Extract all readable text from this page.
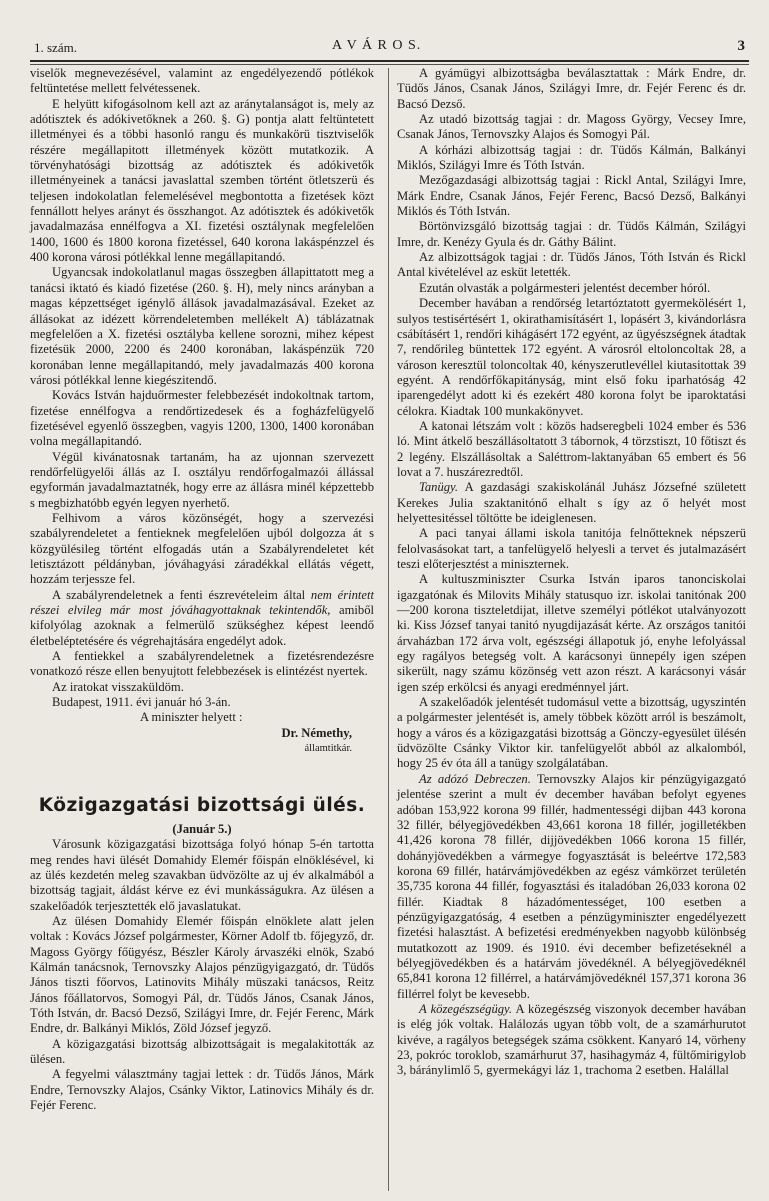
1. szám.	A V Á R O S.	3

viselők megnevezésével, valamint az engedélyezendő pótlékok feltüntetése mellett felvétessenek.

E helyütt kifogásolnom kell azt az aránytalanságot is, mely az adótisztek és adókivetőknek a 260. §. G) pontja alatt feltüntetett illetményei és a többi hasonló rangu és munkakörü tisztviselők részére megállapitott illetmények között mutatkozik. A törvényhatósági bizottság az adótisztek és adókivetők illetményeinek a tanácsi javaslattal szemben történt ötletszerü és teljesen indokolatlan felemelésével megbontotta a fizetések közt fennállott helyes arányt és összhangot. Az adótisztek és adókivetők javadalmazása ennélfogva a XI. fizetési osztálynak megfelelően 1400, 1600 és 1800 korona fizetéssel, 640 korona lakáspénzzel és 400 korona városi pótlékkal lenne megállapitandó.

Ugyancsak indokolatlanul magas összegben állapittatott meg a tanácsi iktató és kiadó fizetése (260. §. H), mely nincs arányban a magas képzettséget igénylő állások javadalmazásával. Ezeket az állásokat az idézett körrendeletemben mellékelt A) táblázatnak megfelelően a X. fizetési osztályba kellene sorozni, mihez képest fizetésük 2000, 2200 és 2400 koronában, lakáspénzük 720 koronában lenne megállapitandó, mely javadalmazás 400 korona városi pótlékkal lenne kiegészitendő.

Kovács István hajduőrmester felebbezését indokoltnak tartom, fizetése ennélfogva a rendőrtizedesek és a fogházfelügyelő fizetésével egyenlő összegben, vagyis 1200, 1300, 1400 koronában volna megállapitandó.

Végül kivánatosnak tartanám, ha az ujonnan szervezett rendőrfelügyelői állás az I. osztályu rendőrfogalmazói állással egyformán javadalmaztatnék, hogy erre az állásra minél képzettebb s megbizhatóbb egyén legyen nyerhető.

Felhivom a város közönségét, hogy a szervezési szabályrendeletet a fentieknek megfelelően ujból dolgozza át s közgyülésileg történt elfogadás után a Szabályrendeletet két letisztázott példányban, jóváhagyási záradékkal ellátás végett, hozzám terjessze fel.

A szabályrendeletnek a fenti észrevételeim által nem érintett részei elvileg már most jóváhagyottaknak tekintendők, amiből kifolyólag azoknak a felmerülő szükséghez képest leendő életbeléptetésére és végrehajtására engedélyt adok.

A fentiekkel a szabályrendeletnek a fizetésrendezésre vonatkozó része ellen benyujtott felebbezések is elintézést nyertek.

Az iratokat visszaküldöm.

Budapest, 1911. évi január hó 3-án.

A miniszter helyett :

Dr. Némethy,

államtitkár.

Közigazgatási bizottsági ülés.

(Január 5.)

Városunk közigazgatási bizottsága folyó hónap 5-én tartotta meg rendes havi ülését Domahidy Elemér főispán elnöklésével, ki az ülés kezdetén meleg szavakban üdvözölte az uj év alkalmából a bizottság tagjait, áldást kérve ez évi munkásságukra. Az ülésen a szakelőadók terjesztették elő javaslatukat.

Az ülésen Domahidy Elemér főispán elnöklete alatt jelen voltak : Kovács József polgármester, Körner Adolf tb. főjegyző, dr. Magoss György főügyész, Bészler Károly árvaszéki elnök, Szabó Kálmán tanácsnok, Ternovszky Alajos pénzügyigazgató, dr. Tüdős János tiszti főorvos, Latinovits Mihály müszaki tanácsos, Reitz János főállatorvos, Somogyi Pál, dr. Tüdős János, Csanak János, Tóth István, dr. Bacsó Dezső, Szilágyi Imre, dr. Fejér Ferenc, Márk Endre, dr. Balkányi Miklós, Zöld József jegyző.

A közigazgatási bizottság albizottságait is megalakitották az ülésen.

A fegyelmi választmány tagjai lettek : dr. Tüdős János, Márk Endre, Ternovszky Alajos, Csánky Viktor, Latinovics Mihály és dr. Fejér Ferenc.

A gyámügyi albizottságba beválasztattak : Márk Endre, dr. Tüdős János, Csanak János, Szilágyi Imre, dr. Fejér Ferenc és dr. Bacsó Dezső.

Az utadó bizottság tagjai : dr. Magoss György, Vecsey Imre, Csanak János, Ternovszky Alajos és Somogyi Pál.

A kórházi albizottság tagjai : dr. Tüdős Kálmán, Balkányi Miklós, Szilágyi Imre és Tóth István.

Mezőgazdasági albizottság tagjai : Rickl Antal, Szilágyi Imre, Márk Endre, Csanak János, Fejér Ferenc, Bacsó Dezső, Balkányi Miklós és Tóth István.

Börtönvizsgáló bizottság tagjai : dr. Tüdős Kálmán, Szilágyi Imre, dr. Kenézy Gyula és dr. Gáthy Bálint.

Az albizottságok tagjai : dr. Tüdős János, Tóth István és Rickl Antal kivételével az esküt letették.

Ezután olvasták a polgármesteri jelentést december hóról.

December havában a rendőrség letartóztatott gyermekölésért 1, sulyos testisértésért 1, okirathamisításért 1, lopásért 3, kivándorlásra csábításért 1, rendőri kihágásért 172 egyént, az ügyészségnek átadtak 7, rendőrileg büntettek 172 egyént. A városról eltoloncoltak 28, a városon keresztül toloncoltak 40, kényszerutlevéllel kiutasitottak 39 egyént. A rendőrfőkapitányság, mint első foku iparhatóság 42 iparengedélyt adott ki és ezekért 480 korona folyt be iparoktatási célokra. Kiadtak 100 munkakönyvet.

A katonai létszám volt : közös hadseregbeli 1024 ember és 536 ló. Mint átkelő beszállásoltatott 3 tábornok, 4 törzstiszt, 10 főtiszt és 2 legény. Elszállásoltak a Saléttrom-laktanyában 65 embert és 56 lovat a 7. huszárezredtől.

Tanügy. A gazdasági szakiskolánál Juhász Józsefné született Kerekes Julia szaktanitónő elhalt s így az ő helyét most helyettesitéssel töltötte be ideiglenesen.

A paci tanyai állami iskola tanitója felnőtteknek népszerü felolvasásokat tart, a tanfelügyelő helyesli a tervet és jutalmazásért teszi előterjesztést a miniszternek.

A kultuszminiszter Csurka István iparos tanonciskolai igazgatónak és Milovits Mihály statusquo izr. iskolai tanitónak 200—200 korona tiszteletdijat, illetve személyi pótlékot utalványozott ki. Kiss József tanyai tanitó nyugdijazását kérte. Az országos tanitói árvaházban 172 árva volt, egészségi állapotuk jó, enyhe lefolyással egy ragályos betegség volt. A karácsonyi ünnepély igen szépen sikerült, nagy számu közönség vett azon részt. A karácsonyi vásár igen szép erkölcsi és anyagi eredménnyel járt.

A szakelőadók jelentését tudomásul vette a bizottság, ugyszintén a polgármester jelentését is, amely többek között arról is beszámolt, hogy a város és a közigazgatási bizottság a Gönczy-egyesület ülésén üdvözölte Csánky Viktor kir. tanfelügyelőt abból az alkalomból, hogy 25 év óta áll a tanügy szolgálatában.

Az adózó Debreczen. Ternovszky Alajos kir pénzügyigazgató jelentése szerint a mult év december havában befolyt egyenes adóban 153,922 korona 99 fillér, hadmentességi dijban 443 korona 32 fillér, bélyegjövedékben 43,661 korona 18 fillér, jogilletékben 41,426 korona 78 fillér, dijjövedékben 1066 korona 15 fillér, dohányjövedékben a vármegye fogyasztását is beleértve 172,583 korona 69 fillér, határvámjövedékben az egész vámkörzet területén 35,735 korona 44 fillér, fogyasztási és italadóban 26,033 korona 02 fillér. Kiadtak 8 házadómentességet, 100 esetben a pénzügyigazgatóság, 4 esetben a pénzügyminiszter engedélyezett fizetési halasztást. A befizetési eredményekben nagyobb különbség mutatkozott az 1909. és 1910. évi december befizetéseknél a bélyegjövedékben és a határvám jövedéknél. A bélyegjövedéknél 65,841 korona 12 fillérrel, a határvámjövedéknél 157,371 korona 36 fillérrel folyt be kevesebb.

A közegészségügy. A közegészség viszonyok december havában is elég jók voltak. Halálozás ugyan több volt, de a szamárhurutot kivéve, a ragályos betegségek száma csökkent. Kanyaró 14, vörheny 23, pokróc toroklob, szamárhurut 37, hasihagymáz 4, fültőmirigylob 3, báránylimlő 5, gyermekágyi láz 1, trachoma 2 esetben. Halállal
